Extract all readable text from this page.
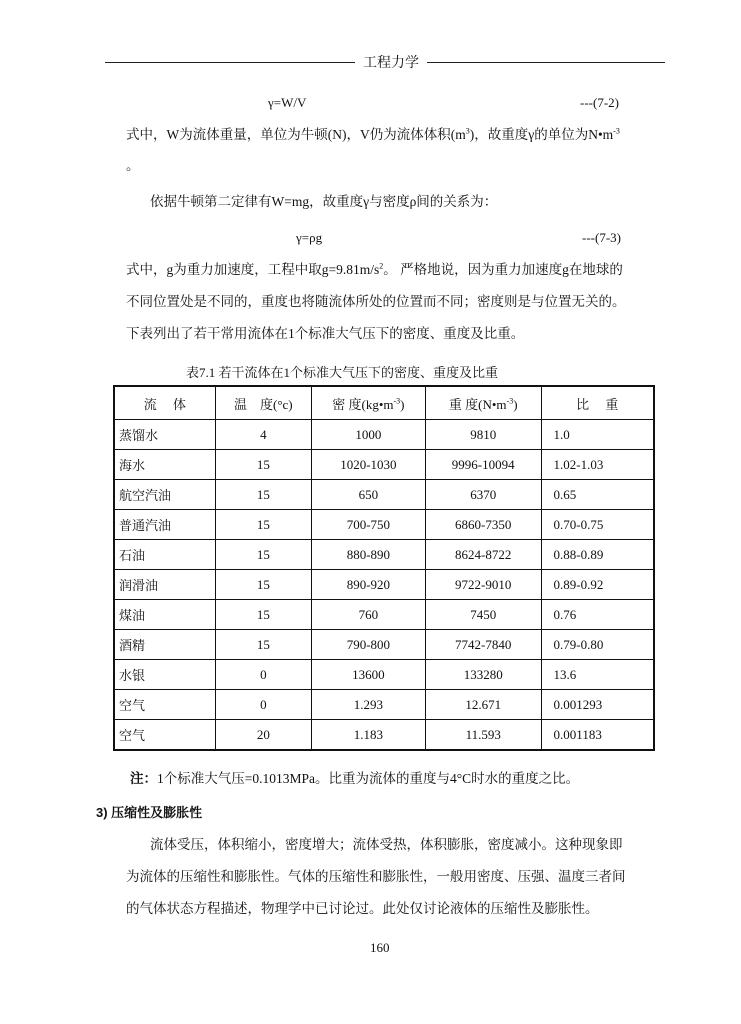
工程力学
γ=W/V	---(7-2)
式中，W为流体重量，单位为牛顿(N)，V仍为流体体积$(m^3)$，故重度γ的单位为$N•m^{-3}$
。
依据牛顿第二定律有W=mg，故重度γ与密度ρ间的关系为：
γ=ρg	---(7-3)
式中，g为重力加速度，工程中取$g=9.81m/s^2$。 严格地说，因为重力加速度g在地球的
不同位置处是不同的，重度也将随流体所处的位置而不同；密度则是与位置无关的。
下表列出了若干常用流体在1个标准大气压下的密度、重度及比重。
表7.1 若干流体在1个标准大气压下的密度、重度及比重
流　 体	温　度(°c)	密 度$(kg•m^{-3})$	重 度$(N•m^{-3})$	比　 重
蒸馏水	4	1000	9810	1.0
海水	15	1020-1030	9996-10094	1.02-1.03
航空汽油	15	650	6370	0.65
普通汽油	15	700-750	6860-7350	0.70-0.75
石油	15	880-890	8624-8722	0.88-0.89
润滑油	15	890-920	9722-9010	0.89-0.92
煤油	15	760	7450	0.76
酒精	15	790-800	7742-7840	0.79-0.80
水银	0	13600	133280	13.6
空气	0	1.293	12.671	0.001293
空气	20	1.183	11.593	0.001183
注：1个标准大气压=0.1013MPa。比重为流体的重度与4°C时水的重度之比。
3) 压缩性及膨胀性
流体受压，体积缩小，密度增大；流体受热，体积膨胀，密度减小。这种现象即
为流体的压缩性和膨胀性。气体的压缩性和膨胀性，一般用密度、压强、温度三者间
的气体状态方程描述，物理学中已讨论过。此处仅讨论液体的压缩性及膨胀性。
160
